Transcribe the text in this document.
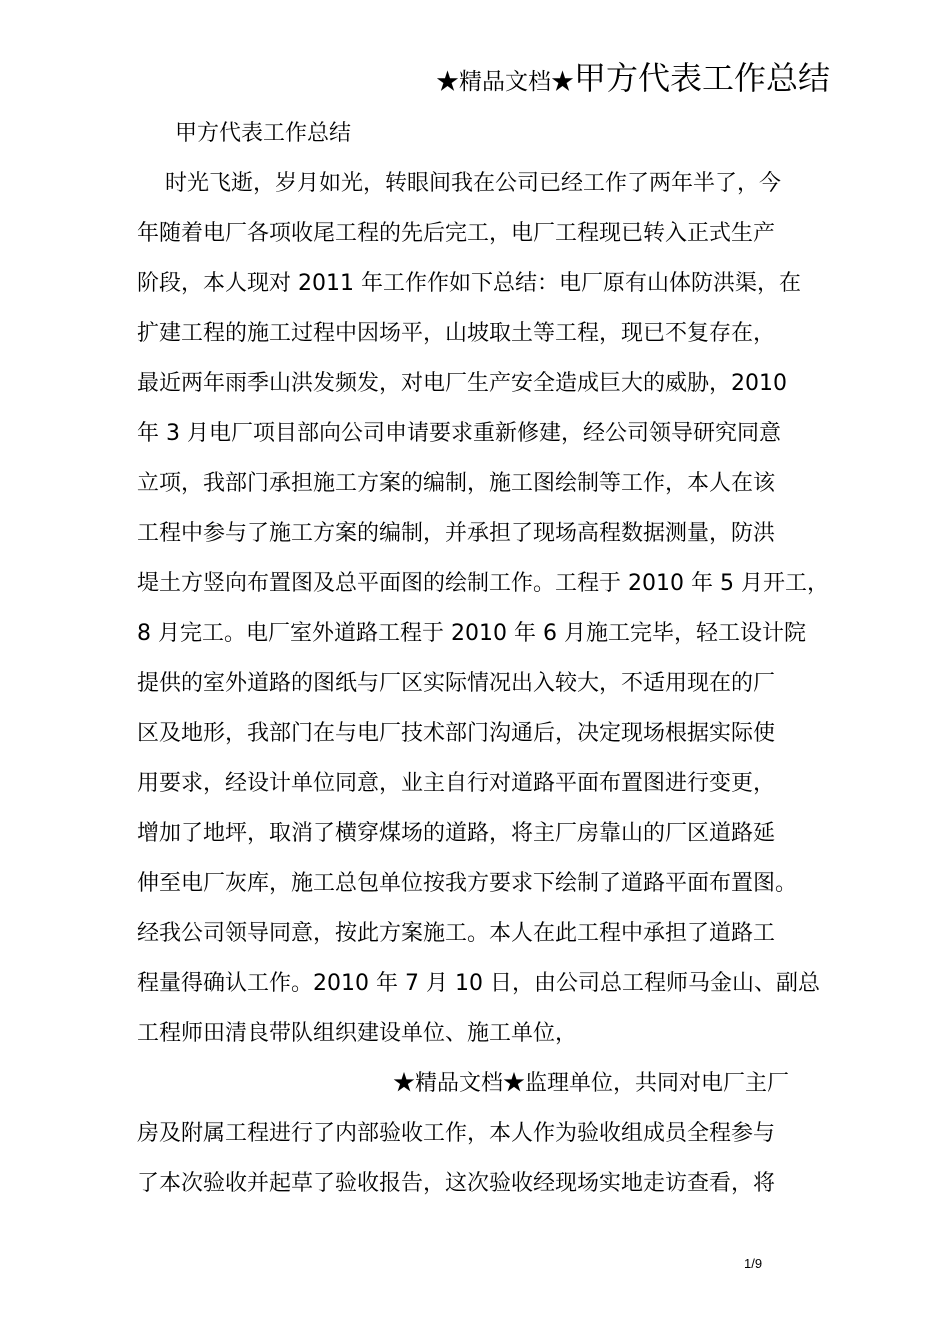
★精品文档★甲方代表工作总结
甲方代表工作总结
时光飞逝，岁月如光，转眼间我在公司已经工作了两年半了，今
年随着电厂各项收尾工程的先后完工，电厂工程现已转入正式生产
阶段，本人现对 2011 年工作作如下总结：电厂原有山体防洪渠，在
扩建工程的施工过程中因场平，山坡取土等工程，现已不复存在，
最近两年雨季山洪发频发，对电厂生产安全造成巨大的威胁，2010
年 3 月电厂项目部向公司申请要求重新修建，经公司领导研究同意
立项，我部门承担施工方案的编制，施工图绘制等工作，本人在该
工程中参与了施工方案的编制，并承担了现场高程数据测量，防洪
堤土方竖向布置图及总平面图的绘制工作。工程于 2010 年 5 月开工，
8 月完工。电厂室外道路工程于 2010 年 6 月施工完毕，轻工设计院
提供的室外道路的图纸与厂区实际情况出入较大，不适用现在的厂
区及地形，我部门在与电厂技术部门沟通后，决定现场根据实际使
用要求，经设计单位同意，业主自行对道路平面布置图进行变更，
增加了地坪，取消了横穿煤场的道路，将主厂房靠山的厂区道路延
伸至电厂灰库，施工总包单位按我方要求下绘制了道路平面布置图。
经我公司领导同意，按此方案施工。本人在此工程中承担了道路工
程量得确认工作。2010 年 7 月 10 日，由公司总工程师马金山、副总
工程师田清良带队组织建设单位、施工单位，
★精品文档★监理单位，共同对电厂主厂
房及附属工程进行了内部验收工作，本人作为验收组成员全程参与
了本次验收并起草了验收报告，这次验收经现场实地走访查看，将
1/9
